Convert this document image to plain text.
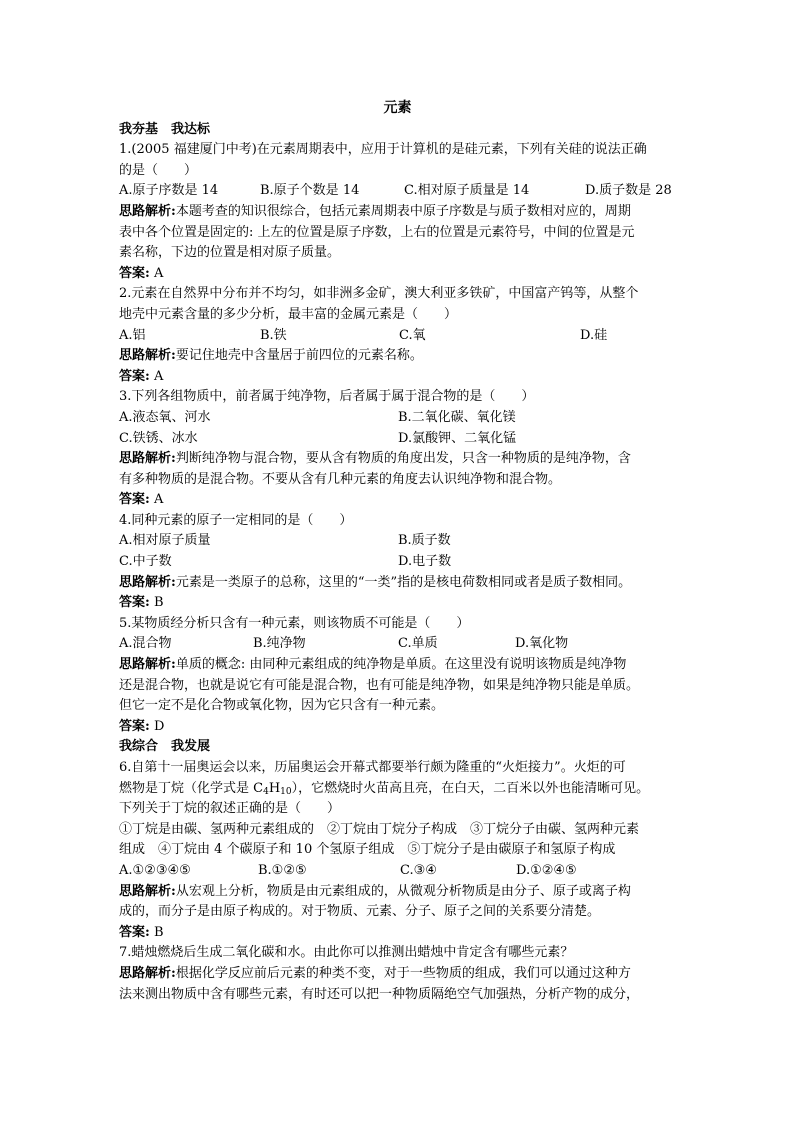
元素
我夯基　我达标
1.(2005 福建厦门中考)在元素周期表中，应用于计算机的是硅元素，下列有关硅的说法正确
的是（　　）
A.原子序数是 14	B.原子个数是 14	C.相对原子质量是 14	D.质子数是 28
思路解析:本题考查的知识很综合，包括元素周期表中原子序数是与质子数相对应的，周期
表中各个位置是固定的: 上左的位置是原子序数，上右的位置是元素符号，中间的位置是元
素名称，下边的位置是相对原子质量。
答案: A
2.元素在自然界中分布并不均匀，如非洲多金矿，澳大利亚多铁矿，中国富产钨等，从整个
地壳中元素含量的多少分析，最丰富的金属元素是（　　）
A.铝	B.铁	C.氧	D.硅
思路解析:要记住地壳中含量居于前四位的元素名称。
答案: A
3.下列各组物质中，前者属于纯净物，后者属于属于混合物的是（　　）
A.液态氧、河水	B.二氧化碳、氧化镁
C.铁锈、冰水	D.氯酸钾、二氧化锰
思路解析:判断纯净物与混合物，要从含有物质的角度出发，只含一种物质的是纯净物，含
有多种物质的是混合物。不要从含有几种元素的角度去认识纯净物和混合物。
答案: A
4.同种元素的原子一定相同的是（　　）
A.相对原子质量	B.质子数
C.中子数	D.电子数
思路解析:元素是一类原子的总称，这里的“一类”指的是核电荷数相同或者是质子数相同。
答案: B
5.某物质经分析只含有一种元素，则该物质不可能是（　　）
A.混合物	B.纯净物	C.单质	D.氧化物
思路解析:单质的概念: 由同种元素组成的纯净物是单质。在这里没有说明该物质是纯净物
还是混合物，也就是说它有可能是混合物，也有可能是纯净物，如果是纯净物只能是单质。
但它一定不是化合物或氧化物，因为它只含有一种元素。
答案: D
我综合　我发展
6.自第十一届奥运会以来，历届奥运会开幕式都要举行颇为隆重的“火炬接力”。火炬的可
燃物是丁烷（化学式是 $C_4H_{10}$），它燃烧时火苗高且亮，在白天，二百米以外也能清晰可见。
下列关于丁烷的叙述正确的是（　　）
①丁烷是由碳、氢两种元素组成的　②丁烷由丁烷分子构成　③丁烷分子由碳、氢两种元素
组成　④丁烷由 4 个碳原子和 10 个氢原子组成　⑤丁烷分子是由碳原子和氢原子构成
A.①②③④⑤	B.①②⑤	C.③④	D.①②④⑤
思路解析:从宏观上分析，物质是由元素组成的，从微观分析物质是由分子、原子或离子构
成的，而分子是由原子构成的。对于物质、元素、分子、原子之间的关系要分清楚。
答案: B
7.蜡烛燃烧后生成二氧化碳和水。由此你可以推测出蜡烛中肯定含有哪些元素？
思路解析:根据化学反应前后元素的种类不变，对于一些物质的组成，我们可以通过这种方
法来测出物质中含有哪些元素，有时还可以把一种物质隔绝空气加强热，分析产物的成分，
